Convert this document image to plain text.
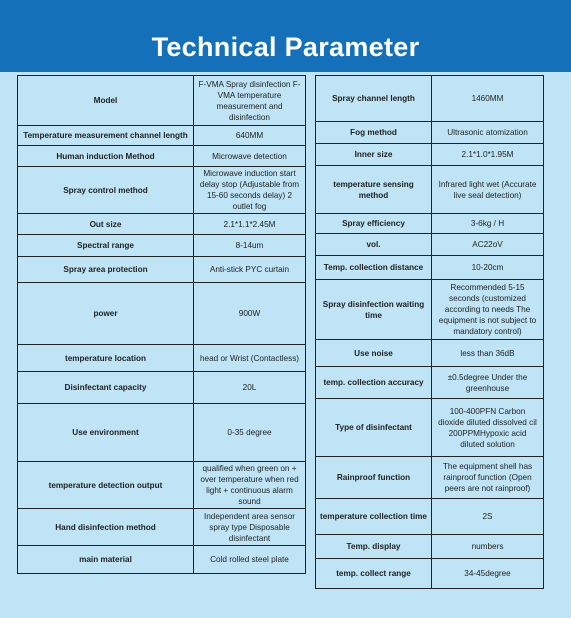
Technical Parameter
Model	F‐VMA Spray disinfection F‐VMA temperature measurement and disinfection
Temperature measurement channel length	640MM
Human induction Method	Microwave detection
Spray control method	Microwave induction start delay stop (Adjustable from 15-60 seconds delay) 2 outlet fog
Out size	2.1*1.1*2.45M
Spectral range	8-14um
Spray area protection	Anti-stick PYC curtain
power	900W
temperature location	head or Wrist (Contactless)
Disinfectant capacity	20L
Use environment	0-35 degree
temperature detection output	qualified when green on + over temperature when red light + continuous alarm sound
Hand disinfection method	Independent area sensor spray type Disposable disinfectant
main material	Cold rolled steel plate
Spray channel length	1460MM
Fog method	Ultrasonic atomization
Inner size	2.1*1.0*1.95M
temperature sensing method	Infrared light wet (Accurate live seal detection)
Spray efficiency	3-6kg / H
vol.	AC22oV
Temp. collection distance	10-20cm
Spray disinfection waiting time	Recommended 5-15 seconds (customized according to needs The equipment is not subject to mandatory control)
Use noise	less than 36dB
temp. collection accuracy	±0.5degree Under the greenhouse
Type of disinfectant	100-400PFN Carbon dioxide diluted dissolved cil 200PPMHypoxic acid diluted solution
Rainproof function	The equipment shell has rainproof function (Open peers are not rainproof)
temperature collection time	2S
Temp. display	numbers
temp. collect range	34-45degree
